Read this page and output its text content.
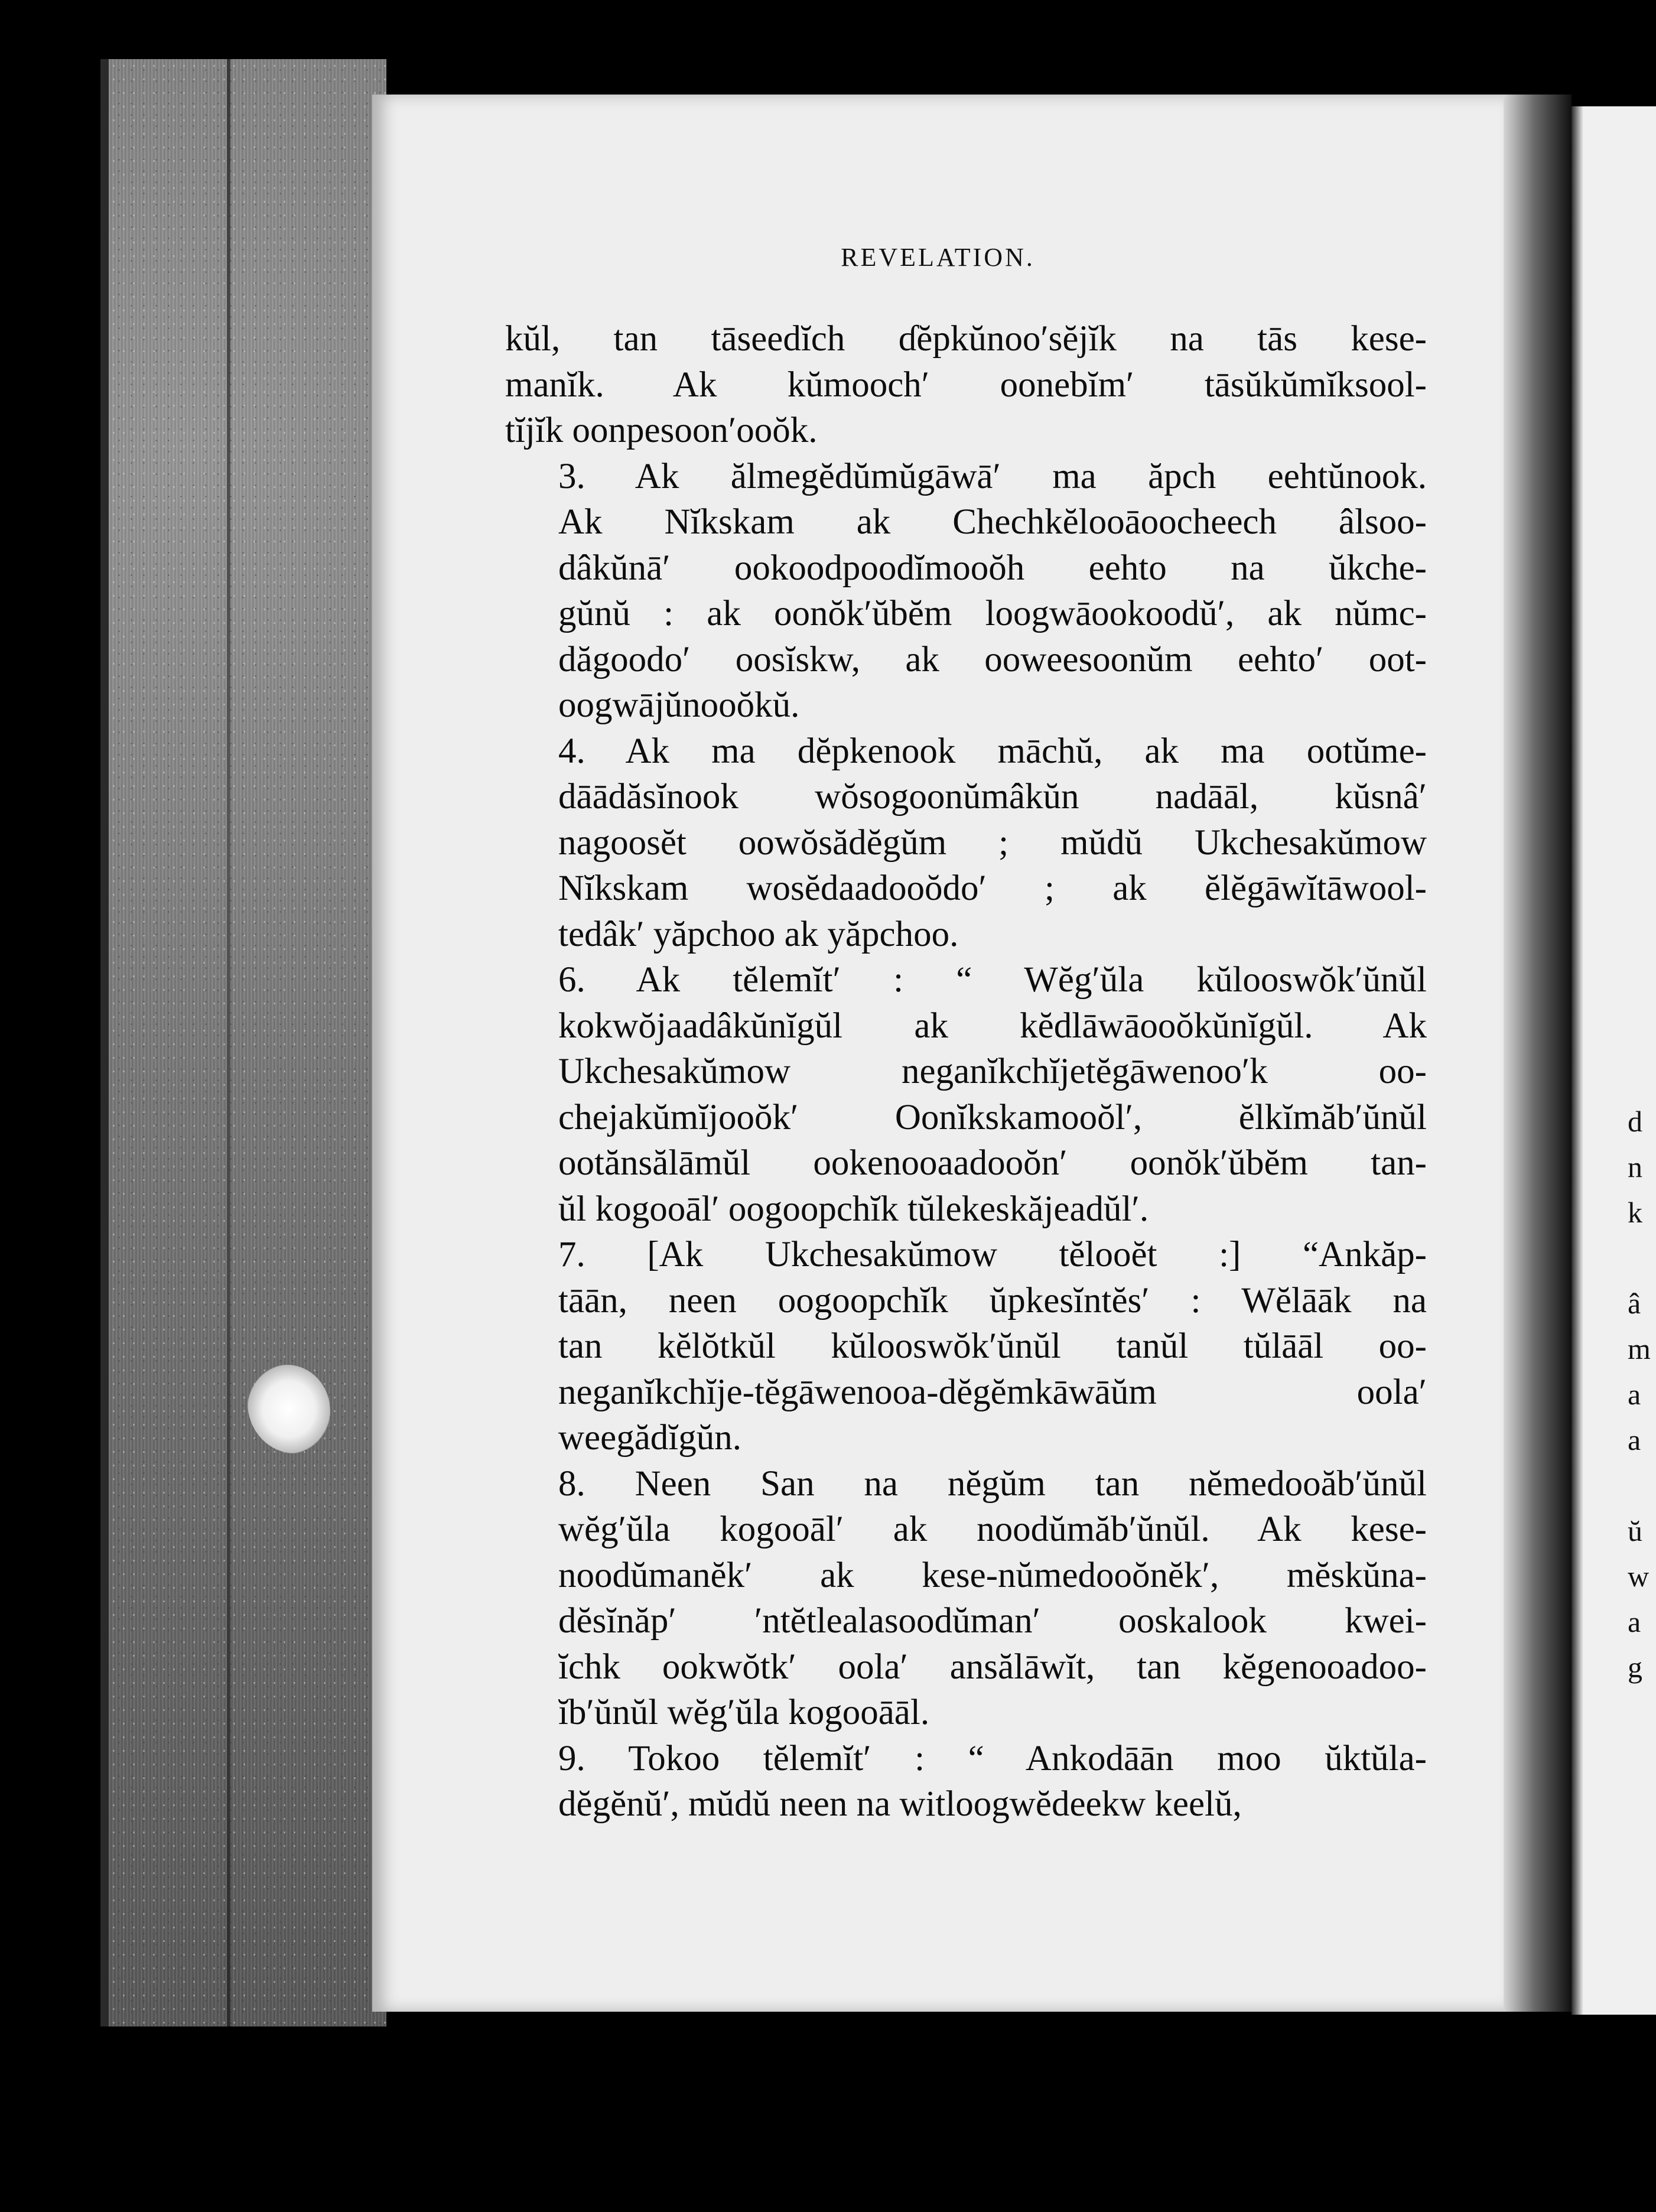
d
n
k
â
m
a
a
ŭ
w
a
g
REVELATION.
kŭl, tan tāseedĭch ɗĕpkŭnoo′sĕjĭk na tās kese-
manĭk. Ak kŭmooch′ oonebĭm′ tāsŭkŭmĭksool-
tĭjĭk oonpesoon′ooŏk.
3. Ak ălmegĕdŭmŭgāwā′ ma ăpch eehtŭnook.
Ak Nĭkskam ak Chechkĕlooāoocheech âlsoo-
dâkŭnā′ ookoodpoodĭmooŏh eehto na ŭkche-
gŭnŭ : ak oonŏk′ŭbĕm loogwāookoodŭ′, ak nŭmc-
dăgoodo′ oosĭskw, ak ooweesoonŭm eehto′ oot-
oogwājŭnooŏkŭ.
4. Ak ma dĕpkenook māchŭ, ak ma ootŭme-
dāādăsĭnook wŏsogoonŭmâkŭn nadāāl, kŭsnâ′
nagoosĕt oowŏsădĕgŭm ; mŭdŭ Ukchesakŭmow
Nĭkskam wosĕdaadooŏdo′ ; ak ĕlĕgāwĭtāwool-
tedâk′ yăpchoo ak yăpchoo.
6. Ak tĕlemĭt′ : “ Wĕg′ŭla kŭlooswŏk′ŭnŭl
kokwŏjaadâkŭnĭgŭl ak kĕdlāwāooŏkŭnĭgŭl. Ak
Ukchesakŭmow neganĭkchĭjetĕgāwenoo′k oo-
chejakŭmĭjooŏk′ Oonĭkskamooŏl′, ĕlkĭmăb′ŭnŭl
ootănsălāmŭl ookenooaadooŏn′ oonŏk′ŭbĕm tan-
ŭl kogooāl′ oogoopchĭk tŭlekeskăjeadŭl′.
7. [Ak Ukchesakŭmow tĕlooĕt :] “Ankăp-
tāān, neen oogoopchĭk ŭpkesĭntĕs′ : Wĕlāāk na
tan kĕlŏtkŭl kŭlooswŏk′ŭnŭl tanŭl tŭlāāl oo-
neganĭkchĭje-tĕgāwenooa-dĕgĕmkāwāŭm oola′
weegădĭgŭn.
8. Neen San na nĕgŭm tan nĕmedooăb′ŭnŭl
wĕg′ŭla kogooāl′ ak noodŭmăb′ŭnŭl. Ak kese-
noodŭmanĕk′ ak kese-nŭmedooŏnĕk′, mĕskŭna-
dĕsĭnăp′ ′ntĕtlealasoodŭman′ ooskalook kwei-
ĭchk ookwŏtk′ oola′ ansălāwĭt, tan kĕgenooadoo-
ĭb′ŭnŭl wĕg′ŭla kogooāāl.
9. Tokoo tĕlemĭt′ : “ Ankodāān moo ŭktŭla-
dĕgĕnŭ′, mŭdŭ neen na witloogwĕdeekw keelŭ,
